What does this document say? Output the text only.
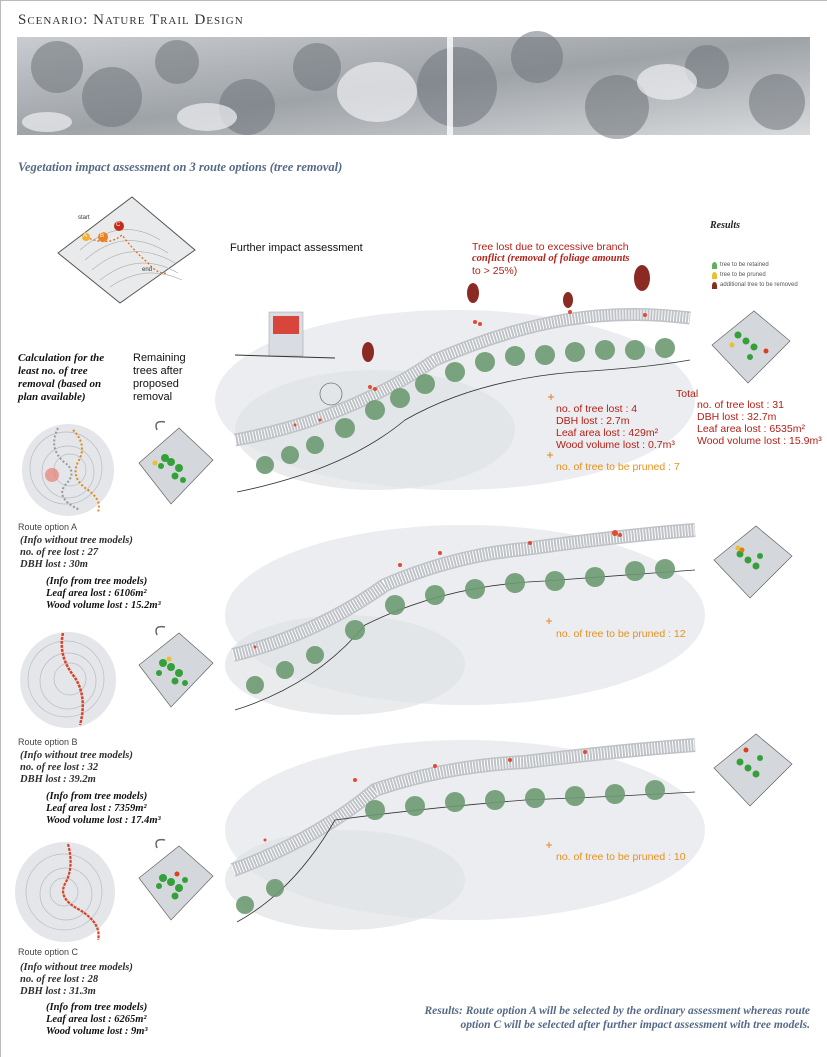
Scenario: Nature Trail Design
Vegetation impact assessment on 3 route options (tree removal)
start
end
A B
C
Further impact assessment
Calculation for the least no. of tree removal (based on plan available)
Remaining trees after proposed removal
Tree lost due to excessive branch
conflict (removal of foliage amounts
to > 25%)
Results
tree to be retained
tree to be pruned
additional tree to be removed
Route option A
(Info without tree models)
no. of ree lost : 27
DBH lost : 30m
(Info from tree models)
Leaf area lost : 6106m²
Wood volume lost : 15.2m³
Route option B
(Info without tree models)
no. of ree lost : 32
DBH lost : 39.2m
(Info from tree models)
Leaf area lost : 7359m²
Wood volume lost : 17.4m³
Route option C
(Info without tree models)
no. of ree lost : 28
DBH lost : 31.3m
(Info from tree models)
Leaf area lost : 6265m²
Wood volume lost : 9m³
no. of tree lost : 4
DBH lost : 2.7m
Leaf area lost : 429m²
Wood volume lost : 0.7m³
no. of tree to be pruned : 7
Total
no. of tree lost : 31
DBH lost : 32.7m
Leaf area lost : 6535m²
Wood volume lost : 15.9m³
no. of tree to be pruned : 12
no. of tree to be pruned : 10
Results: Route option A will be selected by the ordinary assessment whereas route option C will be selected after further impact assessment with tree models.
